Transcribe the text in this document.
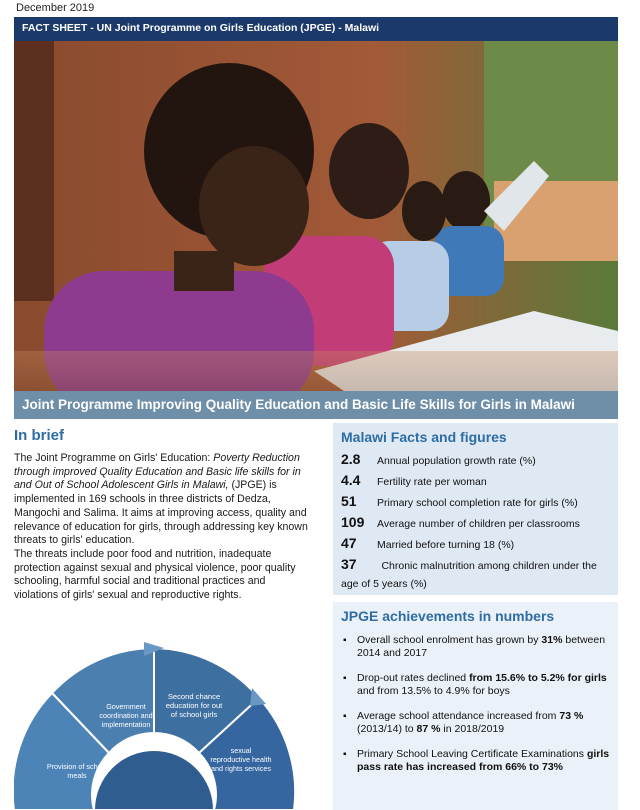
December 2019
FACT SHEET - UN Joint Programme on Girls Education (JPGE) - Malawi
Joint Programme Improving Quality Education and Basic Life Skills for Girls in Malawi
In brief

The Joint Programme on Girls' Education: Poverty Reduction through improved Quality Education and Basic life skills for in and Out of School Adolescent Girls in Malawi, (JPGE) is implemented in 169 schools in three districts of Dedza, Mangochi and Salima. It aims at improving access, quality and relevance of education for girls, through addressing key known threats to girls' education.

The threats include poor food and nutrition, inadequate protection against sexual and physical violence, poor quality schooling, harmful social and traditional practices and violations of girls' sexual and reproductive rights.

Malawi Facts and figures
2.8	Annual population growth rate (%)
4.4	Fertility rate per woman
51	Primary school completion rate for girls (%)
109	Average number of children per classrooms
47	Married before turning 18 (%)
37 Chronic malnutrition among children under the age of 5 years (%)
JPGE achievements in numbers
▪ Overall school enrolment has grown by 31% between 2014 and 2017
▪ Drop-out rates declined from 15.6% to 5.2% for girls and from 13.5% to 4.9% for boys
▪ Average school attendance increased from 73 % (2013/14) to 87 % in 2018/2019
▪ Primary School Leaving Certificate Examinations girls pass rate has increased from 66% to 73%
Government coordination and implementation
Second chance education for out of school girls
sexual reproductive health and rights services
Provision of school meals
